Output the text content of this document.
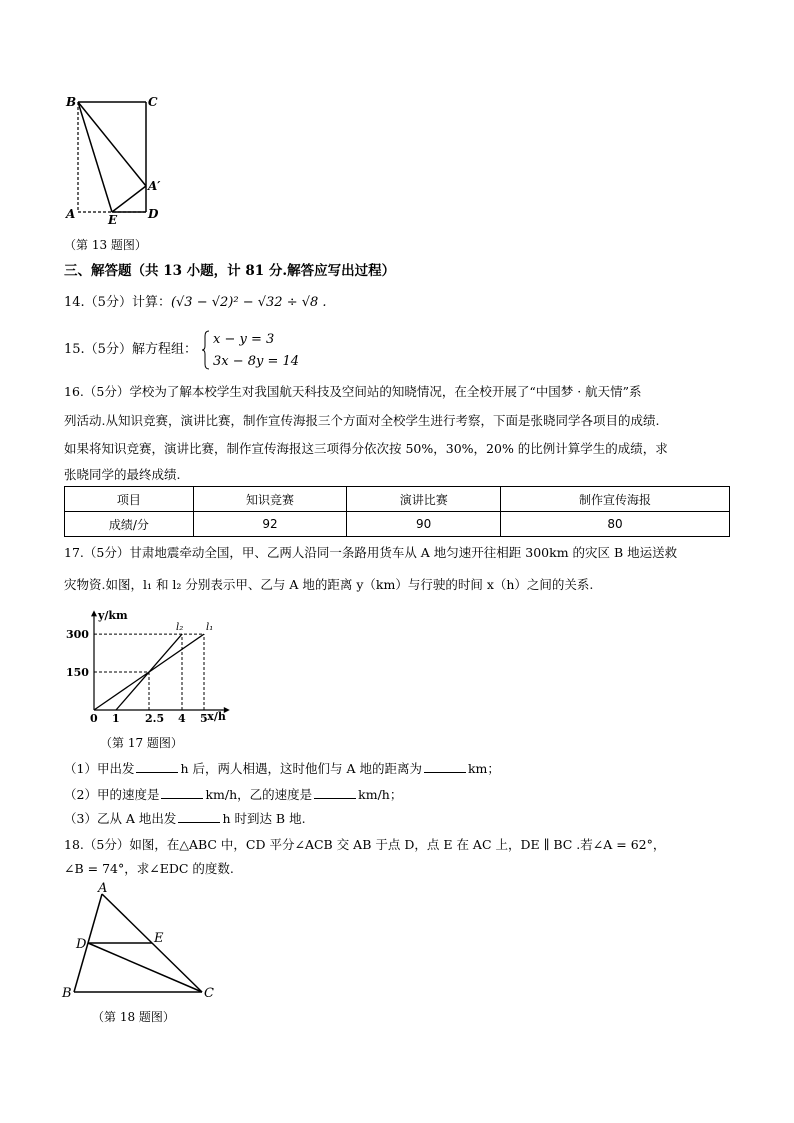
B	C
A′
A	E	D
（第 13 题图）
三、解答题（共 13 小题，计 81 分.解答应写出过程）
14.（5分）计算：(√3 − √2)² − √32 ÷ √8 .
15.（5分）解方程组：
x − y = 3
3x − 8y = 14
16.（5分）学校为了解本校学生对我国航天科技及空间站的知晓情况，在全校开展了“中国梦 · 航天情”系
列活动.从知识竞赛，演讲比赛，制作宣传海报三个方面对全校学生进行考察，下面是张晓同学各项目的成绩.
如果将知识竞赛，演讲比赛，制作宣传海报这三项得分依次按 50%，30%，20% 的比例计算学生的成绩，求
张晓同学的最终成绩.
项目	知识竞赛	演讲比赛	制作宣传海报
成绩/分	92	90	80
17.（5分）甘肃地震牵动全国，甲、乙两人沿同一条路用货车从 A 地匀速开往相距 300km 的灾区 B 地运送救
灾物资.如图，l₁ 和 l₂ 分别表示甲、乙与 A 地的距离 y（km）与行驶的时间 x（h）之间的关系.
y/km
x/h
150
300
0 1 2.5 4 5
l₁
l₂
（第 17 题图）
（1）甲出发	h 后，两人相遇，这时他们与 A 地的距离为	km；
（2）甲的速度是	km/h，乙的速度是	km/h；
（3）乙从 A 地出发	h 时到达 B 地.
18.（5分）如图，在△ABC 中，CD 平分∠ACB 交 AB 于点 D，点 E 在 AC 上，DE ∥ BC .若∠A = 62°，
∠B = 74°，求∠EDC 的度数.
A
D	E
B	C
（第 18 题图）
